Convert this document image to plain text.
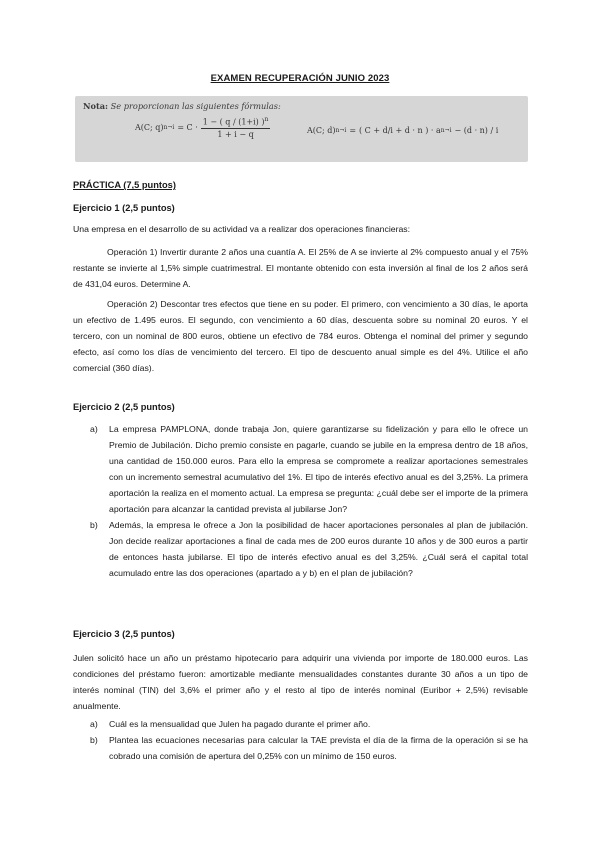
EXAMEN RECUPERACIÓN JUNIO 2023
Nota: Se proporcionan las siguientes fórmulas:
A(C; q) n¬i = $C \cdot \frac{1 - ( q / (1+i) )^n}{1 + i - q}$	A(C; d) n¬i = ( C + d/i + d · n ) · a n¬i − (d · n) / i
PRÁCTICA (7,5 puntos)
Ejercicio 1 (2,5 puntos)
Una empresa en el desarrollo de su actividad va a realizar dos operaciones financieras:
Operación 1) Invertir durante 2 años una cuantía A. El 25% de A se invierte al 2% compuesto anual y el 75% restante se invierte al 1,5% simple cuatrimestral. El montante obtenido con esta inversión al final de los 2 años será de 431,04 euros. Determine A.
Operación 2) Descontar tres efectos que tiene en su poder. El primero, con vencimiento a 30 días, le aporta un efectivo de 1.495 euros. El segundo, con vencimiento a 60 días, descuenta sobre su nominal 20 euros. Y el tercero, con un nominal de 800 euros, obtiene un efectivo de 784 euros. Obtenga el nominal del primer y segundo efecto, así como los días de vencimiento del tercero. El tipo de descuento anual simple es del 4%. Utilice el año comercial (360 días).
Ejercicio 2 (2,5 puntos)
a) La empresa PAMPLONA, donde trabaja Jon, quiere garantizarse su fidelización y para ello le ofrece un Premio de Jubilación. Dicho premio consiste en pagarle, cuando se jubile en la empresa dentro de 18 años, una cantidad de 150.000 euros. Para ello la empresa se compromete a realizar aportaciones semestrales con un incremento semestral acumulativo del 1%. El tipo de interés efectivo anual es del 3,25%. La primera aportación la realiza en el momento actual. La empresa se pregunta: ¿cuál debe ser el importe de la primera aportación para alcanzar la cantidad prevista al jubilarse Jon?
b) Además, la empresa le ofrece a Jon la posibilidad de hacer aportaciones personales al plan de jubilación. Jon decide realizar aportaciones a final de cada mes de 200 euros durante 10 años y de 300 euros a partir de entonces hasta jubilarse. El tipo de interés efectivo anual es del 3,25%. ¿Cuál será el capital total acumulado entre las dos operaciones (apartado a y b) en el plan de jubilación?
Ejercicio 3 (2,5 puntos)
Julen solicitó hace un año un préstamo hipotecario para adquirir una vivienda por importe de 180.000 euros. Las condiciones del préstamo fueron: amortizable mediante mensualidades constantes durante 30 años a un tipo de interés nominal (TIN) del 3,6% el primer año y el resto al tipo de interés nominal (Euribor + 2,5%) revisable anualmente.
a) Cuál es la mensualidad que Julen ha pagado durante el primer año.
b) Plantea las ecuaciones necesarias para calcular la TAE prevista el día de la firma de la operación si se ha cobrado una comisión de apertura del 0,25% con un mínimo de 150 euros.
